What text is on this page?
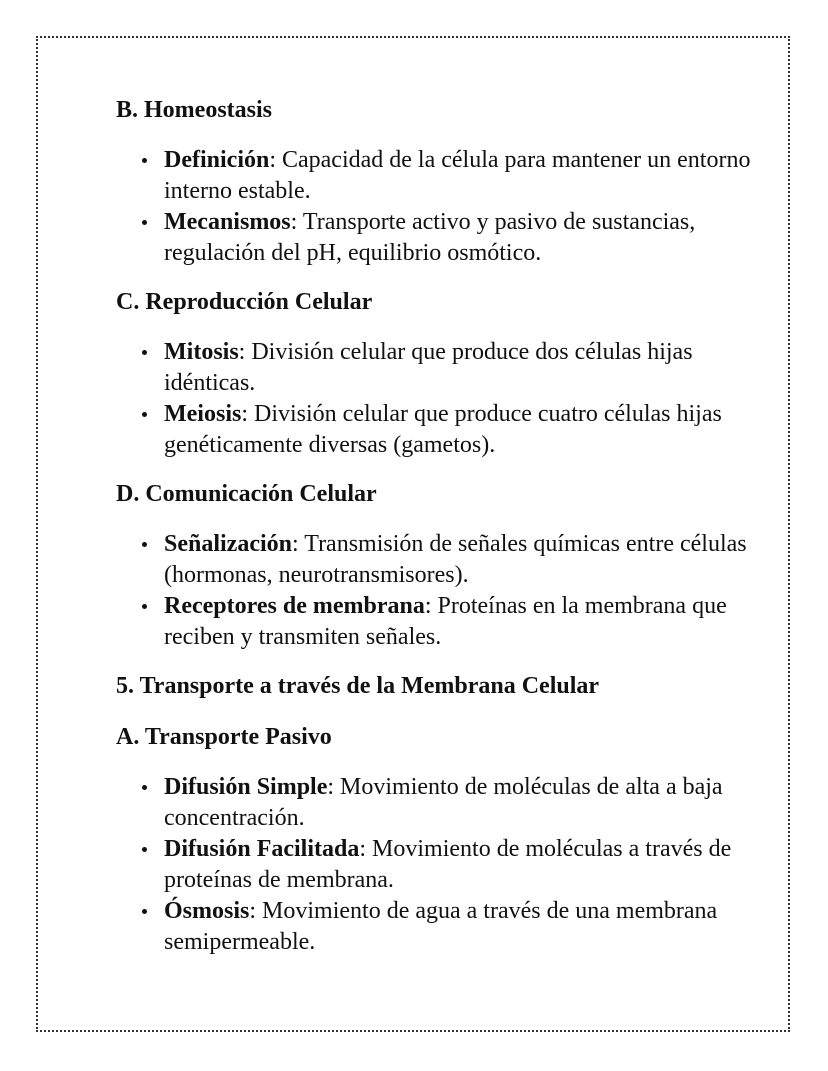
B. Homeostasis
Definición: Capacidad de la célula para mantener un entorno interno estable.
Mecanismos: Transporte activo y pasivo de sustancias, regulación del pH, equilibrio osmótico.
C. Reproducción Celular
Mitosis: División celular que produce dos células hijas idénticas.
Meiosis: División celular que produce cuatro células hijas genéticamente diversas (gametos).
D. Comunicación Celular
Señalización: Transmisión de señales químicas entre células (hormonas, neurotransmisores).
Receptores de membrana: Proteínas en la membrana que reciben y transmiten señales.
5. Transporte a través de la Membrana Celular
A. Transporte Pasivo
Difusión Simple: Movimiento de moléculas de alta a baja concentración.
Difusión Facilitada: Movimiento de moléculas a través de proteínas de membrana.
Ósmosis: Movimiento de agua a través de una membrana semipermeable.
